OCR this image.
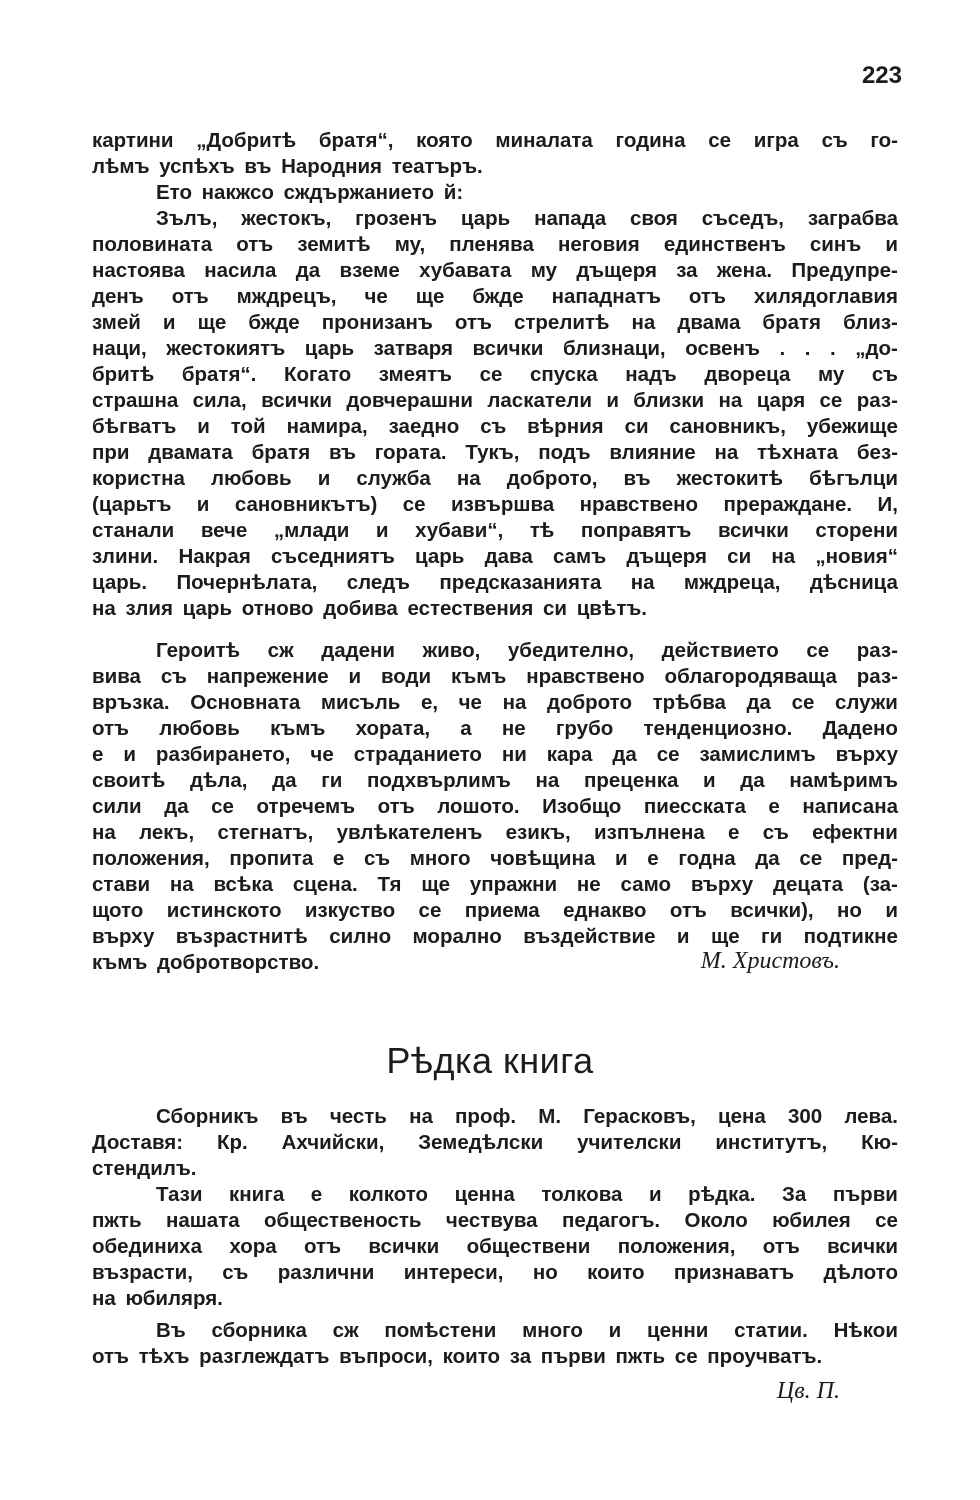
223
картини „Добритѣ братя“, която миналата година се игра съ го-
лѣмъ успѣхъ въ Народния театъръ.
Ето накжсо сждържанието й:
Зълъ, жестокъ, грозенъ царь напада своя съседъ, заграбва
половината отъ земитѣ му, пленява неговия единственъ синъ и
настоява насила да вземе хубавата му дъщеря за жена. Предупре-
денъ отъ мждрецъ, че ще бжде нападнатъ отъ хилядоглавия
змей и ще бжде пронизанъ отъ стрелитѣ на двама братя близ-
наци, жестокиятъ царь затваря всички близнаци, освенъ . . . „до-
бритѣ братя“. Когато змеятъ се спуска надъ двореца му съ
страшна сила, всички довчерашни ласкатели и близки на царя се раз-
бѣгватъ и той намира, заедно съ вѣрния си сановникъ, убежище
при двамата братя въ гората. Тукъ, подъ влияние на тѣхната без-
користна любовь и служба на доброто, въ жестокитѣ бѣгълци
(царьтъ и сановникътъ) се извършва нравствено прераждане. И,
станали вече „млади и хубави“, тѣ поправятъ всички сторени
злини. Накрая съседниятъ царь дава самъ дъщеря си на „новия“
царь. Почернѣлата, следъ предсказанията на мждреца, дѣсница
на злия царь отново добива естествения си цвѣтъ.
Героитѣ сж дадени живо, убедително, действието се раз-
вива съ напрежение и води къмъ нравствено облагородяваща раз-
връзка. Основната мисъль е, че на доброто трѣбва да се служи
отъ любовь къмъ хората, а не грубо тенденциозно. Дадено
е и разбирането, че страданието ни кара да се замислимъ върху
своитѣ дѣла, да ги подхвърлимъ на преценка и да намѣримъ
сили да се отречемъ отъ лошото. Изобщо пиесската е написана
на лекъ, стегнатъ, увлѣкателенъ езикъ, изпълнена е съ ефектни
положения, пропита е съ много човѣщина и е годна да се пред-
стави на всѣка сцена. Тя ще упражни не само върху децата (за-
щото истинското изкуство се приема еднакво отъ всички), но и
върху възрастнитѣ силно морално въздействие и ще ги подтикне
къмъ добротворство.	М. Христовъ.
Рѣдка книга
Сборникъ въ честь на проф. М. Герасковъ, цена 300 лева.
Доставя: Кр. Ахчийски, Земедѣлски учителски институтъ, Кю-
стендилъ.
Тази книга е колкото ценна толкова и рѣдка. За първи
пжть нашата общественость чествува педагогъ. Около юбилея се
обединиха хора отъ всички обществени положения, отъ всички
възрасти, съ различни интереси, но които признаватъ дѣлото
на юбиляря.
Въ сборника сж помѣстени много и ценни статии. Нѣкои
отъ тѣхъ разглеждатъ въпроси, които за първи пжть се проучватъ.
Цв. П.
